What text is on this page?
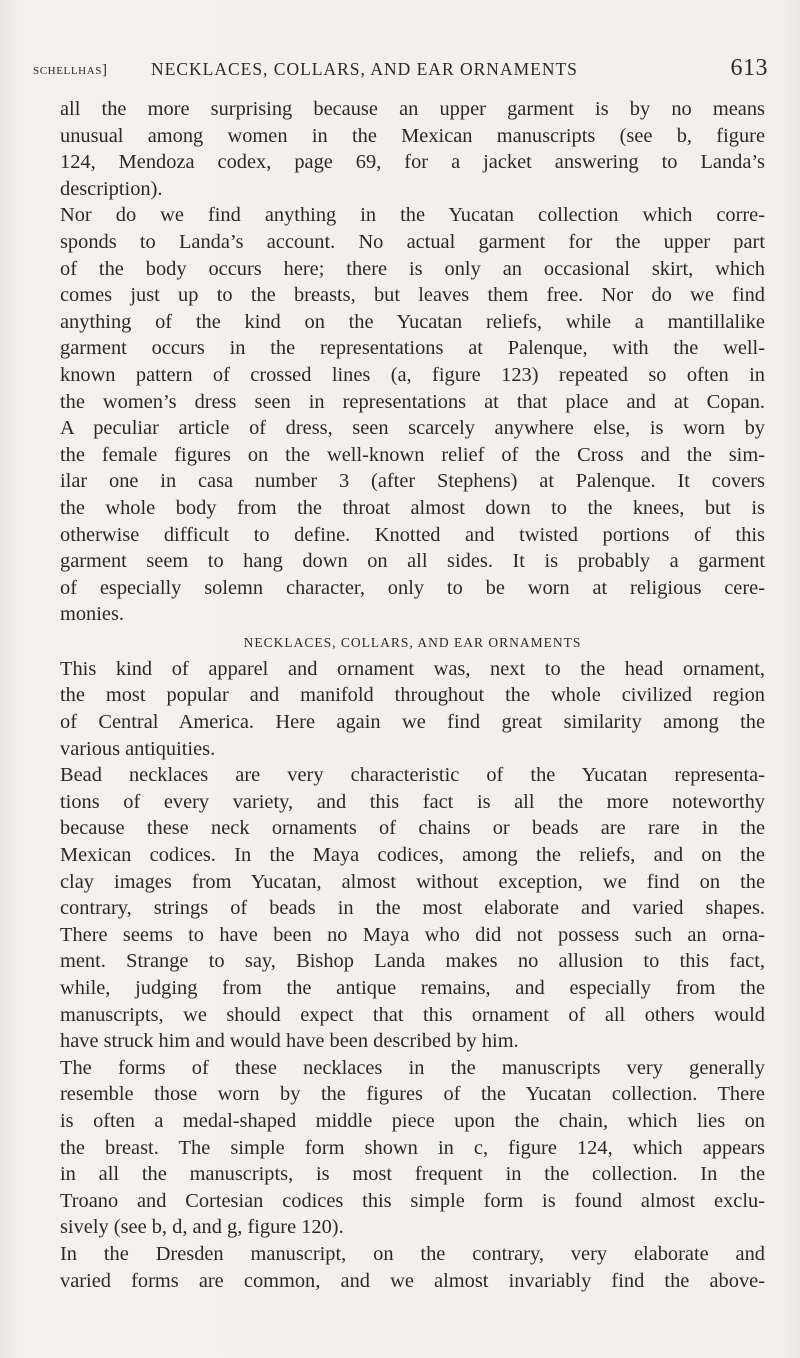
schellhas] NECKLACES, COLLARS, AND EAR ORNAMENTS	613
all the more surprising because an upper garment is by no means
unusual among women in the Mexican manuscripts (see b, figure
124, Mendoza codex, page 69, for a jacket answering to Landa’s
description).
Nor do we find anything in the Yucatan collection which corre-
sponds to Landa’s account. No actual garment for the upper part
of the body occurs here; there is only an occasional skirt, which
comes just up to the breasts, but leaves them free. Nor do we find
anything of the kind on the Yucatan reliefs, while a mantillalike
garment occurs in the representations at Palenque, with the well-
known pattern of crossed lines (a, figure 123) repeated so often in
the women’s dress seen in representations at that place and at Copan.
A peculiar article of dress, seen scarcely anywhere else, is worn by
the female figures on the well-known relief of the Cross and the sim-
ilar one in casa number 3 (after Stephens) at Palenque. It covers
the whole body from the throat almost down to the knees, but is
otherwise difficult to define. Knotted and twisted portions of this
garment seem to hang down on all sides. It is probably a garment
of especially solemn character, only to be worn at religious cere-
monies.
NECKLACES, COLLARS, AND EAR ORNAMENTS
This kind of apparel and ornament was, next to the head ornament,
the most popular and manifold throughout the whole civilized region
of Central America. Here again we find great similarity among the
various antiquities.
Bead necklaces are very characteristic of the Yucatan representa-
tions of every variety, and this fact is all the more noteworthy
because these neck ornaments of chains or beads are rare in the
Mexican codices. In the Maya codices, among the reliefs, and on the
clay images from Yucatan, almost without exception, we find on the
contrary, strings of beads in the most elaborate and varied shapes.
There seems to have been no Maya who did not possess such an orna-
ment. Strange to say, Bishop Landa makes no allusion to this fact,
while, judging from the antique remains, and especially from the
manuscripts, we should expect that this ornament of all others would
have struck him and would have been described by him.
The forms of these necklaces in the manuscripts very generally
resemble those worn by the figures of the Yucatan collection. There
is often a medal-shaped middle piece upon the chain, which lies on
the breast. The simple form shown in c, figure 124, which appears
in all the manuscripts, is most frequent in the collection. In the
Troano and Cortesian codices this simple form is found almost exclu-
sively (see b, d, and g, figure 120).
In the Dresden manuscript, on the contrary, very elaborate and
varied forms are common, and we almost invariably find the above-
